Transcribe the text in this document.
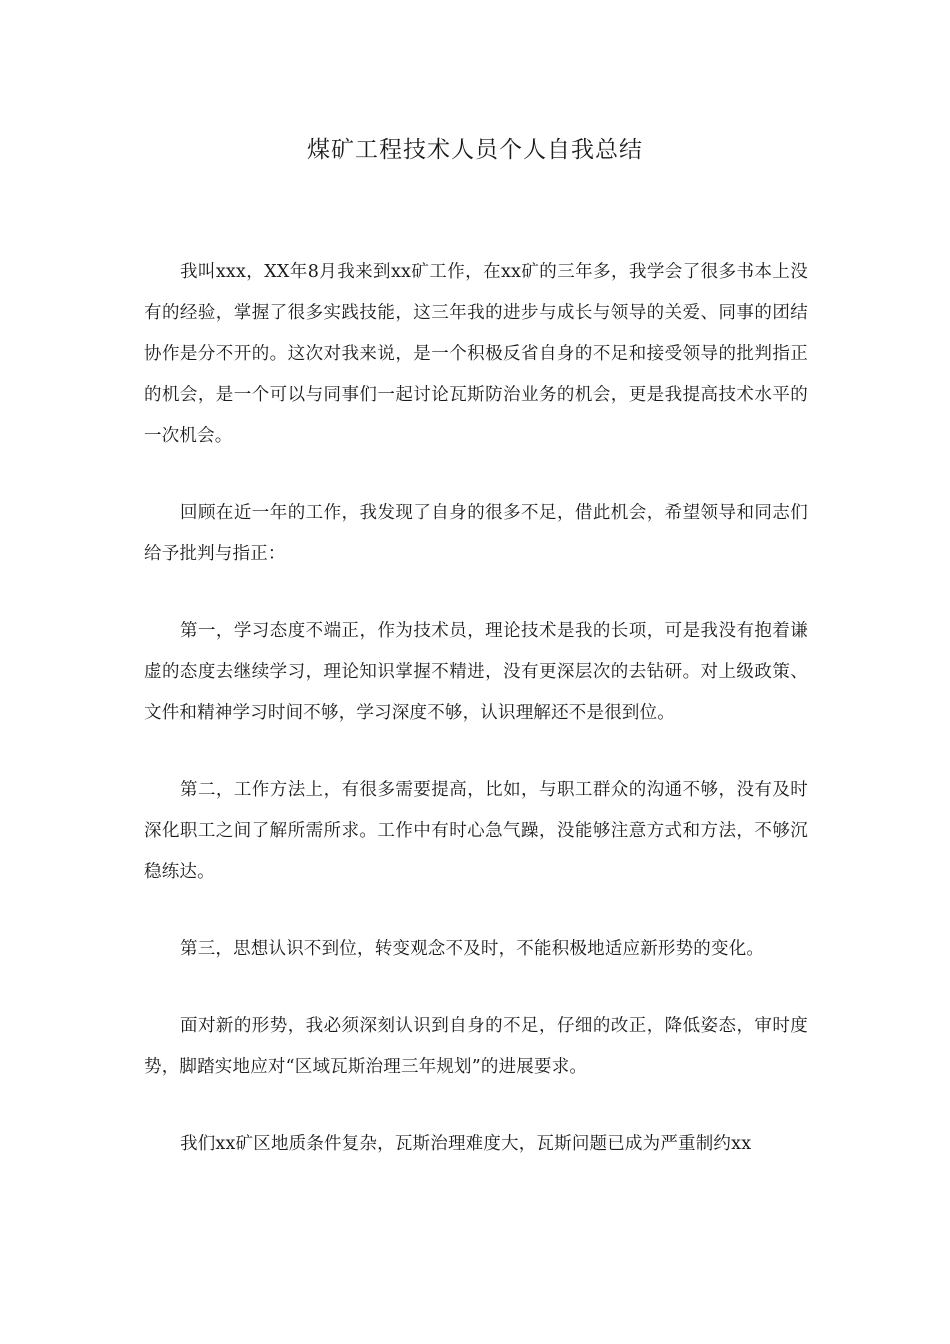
煤矿工程技术人员个人自我总结

我叫xxx，XX年8月我来到xx矿工作，在xx矿的三年多，我学会了很多书本上没有的经验，掌握了很多实践技能，这三年我的进步与成长与领导的关爱、同事的团结协作是分不开的。这次对我来说，是一个积极反省自身的不足和接受领导的批判指正的机会，是一个可以与同事们一起讨论瓦斯防治业务的机会，更是我提高技术水平的一次机会。

回顾在近一年的工作，我发现了自身的很多不足，借此机会，希望领导和同志们给予批判与指正：

第一，学习态度不端正，作为技术员，理论技术是我的长项，可是我没有抱着谦虚的态度去继续学习，理论知识掌握不精进，没有更深层次的去钻研。对上级政策、文件和精神学习时间不够，学习深度不够，认识理解还不是很到位。

第二，工作方法上，有很多需要提高，比如，与职工群众的沟通不够，没有及时深化职工之间了解所需所求。工作中有时心急气躁，没能够注意方式和方法，不够沉稳练达。

第三，思想认识不到位，转变观念不及时，不能积极地适应新形势的变化。

面对新的形势，我必须深刻认识到自身的不足，仔细的改正，降低姿态，审时度势，脚踏实地应对“区域瓦斯治理三年规划”的进展要求。

我们xx矿区地质条件复杂，瓦斯治理难度大，瓦斯问题已成为严重制约xx
